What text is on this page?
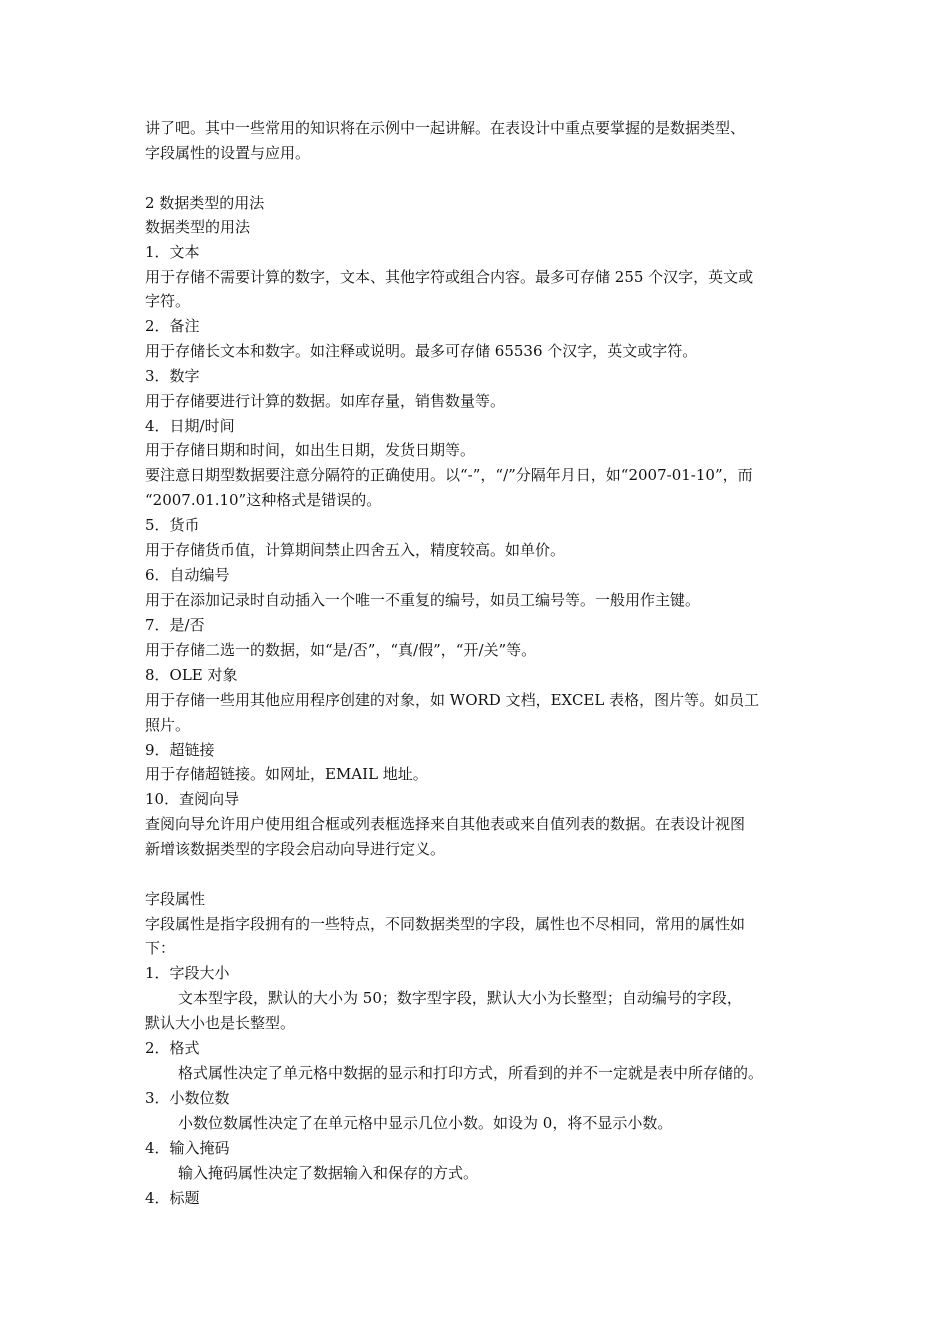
讲了吧。其中一些常用的知识将在示例中一起讲解。在表设计中重点要掌握的是数据类型、
字段属性的设置与应用。
2 数据类型的用法
数据类型的用法
1．文本
用于存储不需要计算的数字，文本、其他字符或组合内容。最多可存储 255 个汉字，英文或
字符。
2．备注
用于存储长文本和数字。如注释或说明。最多可存储 65536 个汉字，英文或字符。
3．数字
用于存储要进行计算的数据。如库存量，销售数量等。
4．日期/时间
用于存储日期和时间，如出生日期，发货日期等。
要注意日期型数据要注意分隔符的正确使用。以“-”，“/”分隔年月日，如“2007-01-10”，而
“2007.01.10”这种格式是错误的。
5．货币
用于存储货币值，计算期间禁止四舍五入，精度较高。如单价。
6．自动编号
用于在添加记录时自动插入一个唯一不重复的编号，如员工编号等。一般用作主键。
7．是/否
用于存储二选一的数据，如“是/否”，“真/假”，“开/关”等。
8．OLE 对象
用于存储一些用其他应用程序创建的对象，如 WORD 文档，EXCEL 表格，图片等。如员工
照片。
9．超链接
用于存储超链接。如网址，EMAIL 地址。
10．查阅向导
查阅向导允许用户使用组合框或列表框选择来自其他表或来自值列表的数据。在表设计视图
新增该数据类型的字段会启动向导进行定义。
字段属性
字段属性是指字段拥有的一些特点，不同数据类型的字段，属性也不尽相同，常用的属性如
下：
1．字段大小
文本型字段，默认的大小为 50；数字型字段，默认大小为长整型；自动编号的字段，
默认大小也是长整型。
2．格式
格式属性决定了单元格中数据的显示和打印方式，所看到的并不一定就是表中所存储的。
3．小数位数
小数位数属性决定了在单元格中显示几位小数。如设为 0，将不显示小数。
4．输入掩码
输入掩码属性决定了数据输入和保存的方式。
4．标题
